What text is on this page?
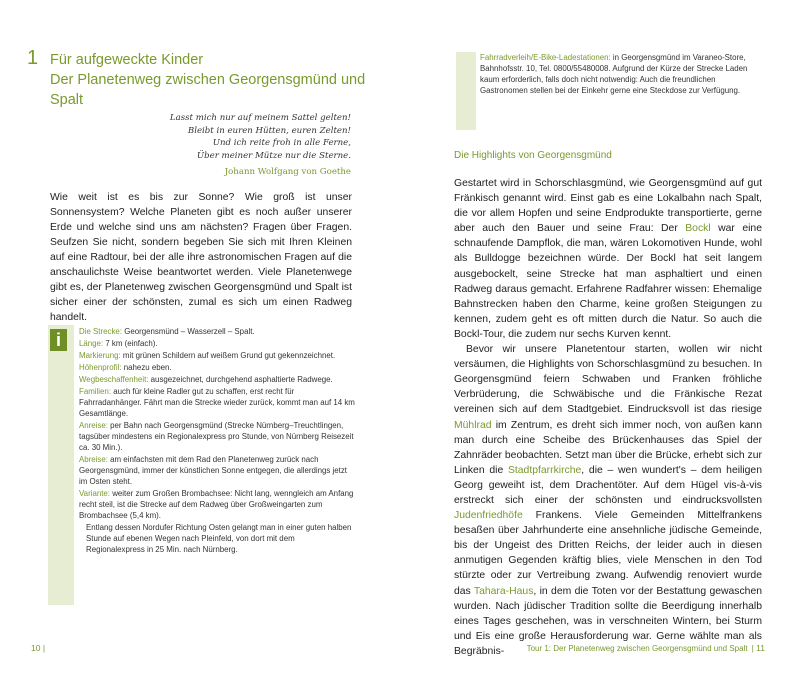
1 Für aufgeweckte Kinder
Der Planetenweg zwischen Georgensgmünd und Spalt
Lasst mich nur auf meinem Sattel gelten!
Bleibt in euren Hütten, euren Zelten!
Und ich reite froh in alle Ferne,
Über meiner Mütze nur die Sterne.
Johann Wolfgang von Goethe
Wie weit ist es bis zur Sonne? Wie groß ist unser Sonnensystem? Welche Planeten gibt es noch außer unserer Erde und welche sind uns am nächsten? Fragen über Fragen. Seufzen Sie nicht, sondern begeben Sie sich mit Ihren Kleinen auf eine Radtour, bei der alle ihre astronomischen Fragen auf die anschaulichste Weise beantwortet werden. Viele Planetenwege gibt es, der Planetenweg zwischen Georgensgmünd und Spalt ist sicher einer der schönsten, zumal es sich um einen Radweg handelt.
i	Die Strecke: Georgensmünd – Wasserzell – Spalt.
Länge: 7 km (einfach).
Markierung: mit grünen Schildern auf weißem Grund gut gekennzeichnet.
Höhenprofil: nahezu eben.
Wegbeschaffenheit: ausgezeichnet, durchgehend asphaltierte Radwege.
Familien: auch für kleine Radler gut zu schaffen, erst recht für Fahrradanhänger. Fährt man die Strecke wieder zurück, kommt man auf 14 km Gesamtlänge.
Anreise: per Bahn nach Georgensgmünd (Strecke Nürnberg–Treuchtlingen, tagsüber mindestens ein Regionalexpress pro Stunde, von Nürnberg Reisezeit ca. 30 Min.).
Abreise: am einfachsten mit dem Rad den Planetenweg zurück nach Georgensgmünd, immer der künstlichen Sonne entgegen, die allerdings jetzt im Osten steht.
Variante: weiter zum Großen Brombachsee: Nicht lang, wenngleich am Anfang recht steil, ist die Strecke auf dem Radweg über Großweingarten zum Brombachsee (5,4 km).
Entlang dessen Nordufer Richtung Osten gelangt man in einer guten halben Stunde auf ebenen Wegen nach Pleinfeld, von dort mit dem Regionalexpress in 25 Min. nach Nürnberg.
10 |
Fahrradverleih/E-Bike-Ladestationen: in Georgensgmünd im Varaneo-Store, Bahnhofsstr. 10, Tel. 0800/55480008. Aufgrund der Kürze der Strecke Laden kaum erforderlich, falls doch nicht notwendig: Auch die freundlichen Gastronomen stellen bei der Einkehr gerne eine Steckdose zur Verfügung.
Die Highlights von Georgensgmünd

Gestartet wird in Schorschlasgmünd, wie Georgensgmünd auf gut Fränkisch genannt wird. Einst gab es eine Lokalbahn nach Spalt, die vor allem Hopfen und seine Endprodukte transportierte, gerne aber auch den Bauer und seine Frau: Der Bockl war eine schnaufende Dampflok, die man, wären Lokomotiven Hunde, wohl als Bulldogge bezeichnen würde. Der Bockl hat seit langem ausgebockelt, seine Strecke hat man asphaltiert und einen Radweg daraus gemacht. Erfahrene Radfahrer wissen: Ehemalige Bahnstrecken haben den Charme, keine großen Steigungen zu kennen, zudem geht es oft mitten durch die Natur. So auch die Bockl-Tour, die zudem nur sechs Kurven kennt.

Bevor wir unsere Planetentour starten, wollen wir nicht versäumen, die Highlights von Schorschlasgmünd zu besuchen. In Georgensgmünd feiern Schwaben und Franken fröhliche Verbrüderung, die Schwäbische und die Fränkische Rezat vereinen sich auf dem Stadtgebiet. Eindrucksvoll ist das riesige Mühlrad im Zentrum, es dreht sich immer noch, von außen kann man durch eine Scheibe des Brückenhauses das Spiel der Zahnräder beobachten. Setzt man über die Brücke, erhebt sich zur Linken die Stadtpfarrkirche, die – wen wundert's – dem heiligen Georg geweiht ist, dem Drachentöter. Auf dem Hügel vis-à-vis erstreckt sich einer der schönsten und eindrucksvollsten Judenfriedhöfe Frankens. Viele Gemeinden Mittelfrankens besaßen über Jahrhunderte eine ansehnliche jüdische Gemeinde, bis der Ungeist des Dritten Reichs, der leider auch in diesen anmutigen Gegenden kräftig blies, viele Menschen in den Tod stürzte oder zur Vertreibung zwang. Aufwendig renoviert wurde das Tahara-Haus, in dem die Toten vor der Bestattung gewaschen wurden. Nach jüdischer Tradition sollte die Beerdigung innerhalb eines Tages geschehen, was in verschneiten Wintern, bei Sturm und Eis eine große Herausforderung war. Gerne wählte man als Begräbnis-	Tour 1: Der Planetenweg zwischen Georgensgmünd und Spalt | 11
